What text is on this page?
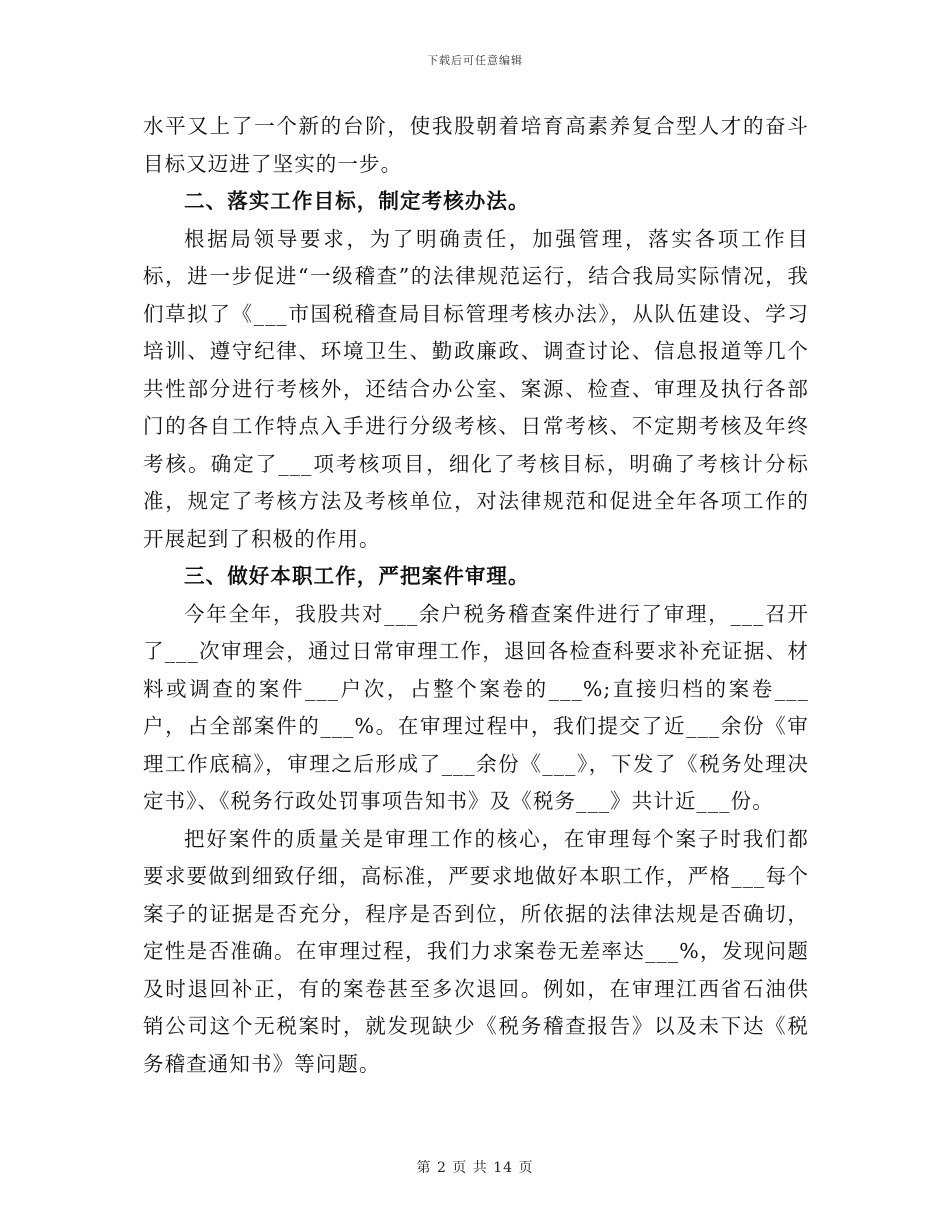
下载后可任意编辑

水平又上了一个新的台阶，使我股朝着培育高素养复合型人才的奋斗目标又迈进了坚实的一步。

二、落实工作目标，制定考核办法。

根据局领导要求，为了明确责任，加强管理，落实各项工作目标，进一步促进“一级稽查”的法律规范运行，结合我局实际情况，我们草拟了《___市国税稽查局目标管理考核办法》，从队伍建设、学习培训、遵守纪律、环境卫生、勤政廉政、调查讨论、信息报道等几个共性部分进行考核外，还结合办公室、案源、检查、审理及执行各部门的各自工作特点入手进行分级考核、日常考核、不定期考核及年终考核。确定了___项考核项目，细化了考核目标，明确了考核计分标准，规定了考核方法及考核单位，对法律规范和促进全年各项工作的开展起到了积极的作用。

三、做好本职工作，严把案件审理。

今年全年，我股共对___余户税务稽查案件进行了审理，___召开了___次审理会，通过日常审理工作，退回各检查科要求补充证据、材料或调查的案件___户次，占整个案卷的___%;直接归档的案卷___户，占全部案件的___%。在审理过程中，我们提交了近___余份《审理工作底稿》，审理之后形成了___余份《___》，下发了《税务处理决定书》、《税务行政处罚事项告知书》及《税务___》共计近___份。

把好案件的质量关是审理工作的核心，在审理每个案子时我们都要求要做到细致仔细，高标准，严要求地做好本职工作，严格___每个案子的证据是否充分，程序是否到位，所依据的法律法规是否确切，定性是否准确。在审理过程，我们力求案卷无差率达___%，发现问题及时退回补正，有的案卷甚至多次退回。例如，在审理江西省石油供销公司这个无税案时，就发现缺少《税务稽查报告》以及未下达《税务稽查通知书》等问题。

第 2 页 共 14 页
